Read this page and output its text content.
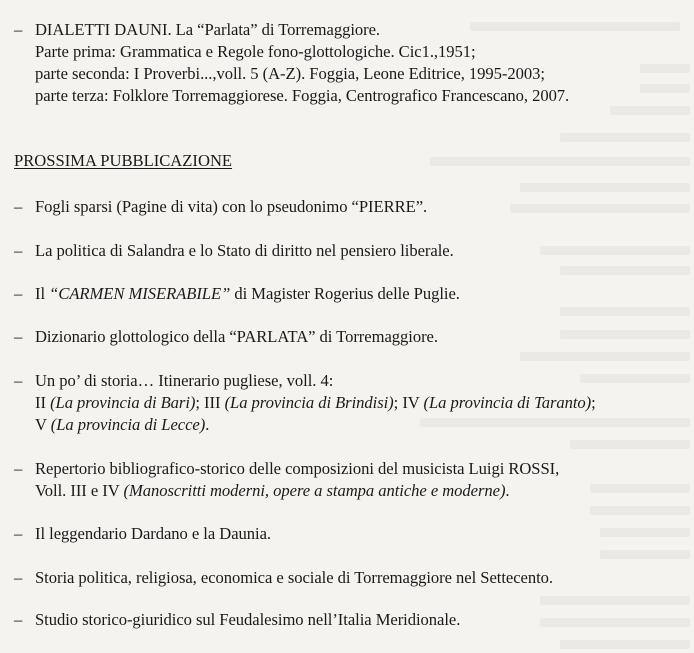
– DIALETTI DAUNI. La “Parlata” di Torremaggiore.
Parte prima: Grammatica e Regole fono-glottologiche. Cic1.,1951;
parte seconda: I Proverbi...,voll. 5 (A-Z). Foggia, Leone Editrice, 1995-2003;
parte terza: Folklore Torremaggiorese. Foggia, Centrografico Francescano, 2007.
PROSSIMA PUBBLICAZIONE
– Fogli sparsi (Pagine di vita) con lo pseudonimo “PIERRE”.
– La politica di Salandra e lo Stato di diritto nel pensiero liberale.
– Il “CARMEN MISERABILE” di Magister Rogerius delle Puglie.
– Dizionario glottologico della “PARLATA” di Torremaggiore.
– Un po’ di storia… Itinerario pugliese, voll. 4:
II (La provincia di Bari); III (La provincia di Brindisi); IV (La provincia di Taranto);
V (La provincia di Lecce).
– Repertorio bibliografico-storico delle composizioni del musicista Luigi ROSSI,
Voll. III e IV (Manoscritti moderni, opere a stampa antiche e moderne).
– Il leggendario Dardano e la Daunia.
– Storia politica, religiosa, economica e sociale di Torremaggiore nel Settecento.
– Studio storico-giuridico sul Feudalesimo nell’Italia Meridionale.
